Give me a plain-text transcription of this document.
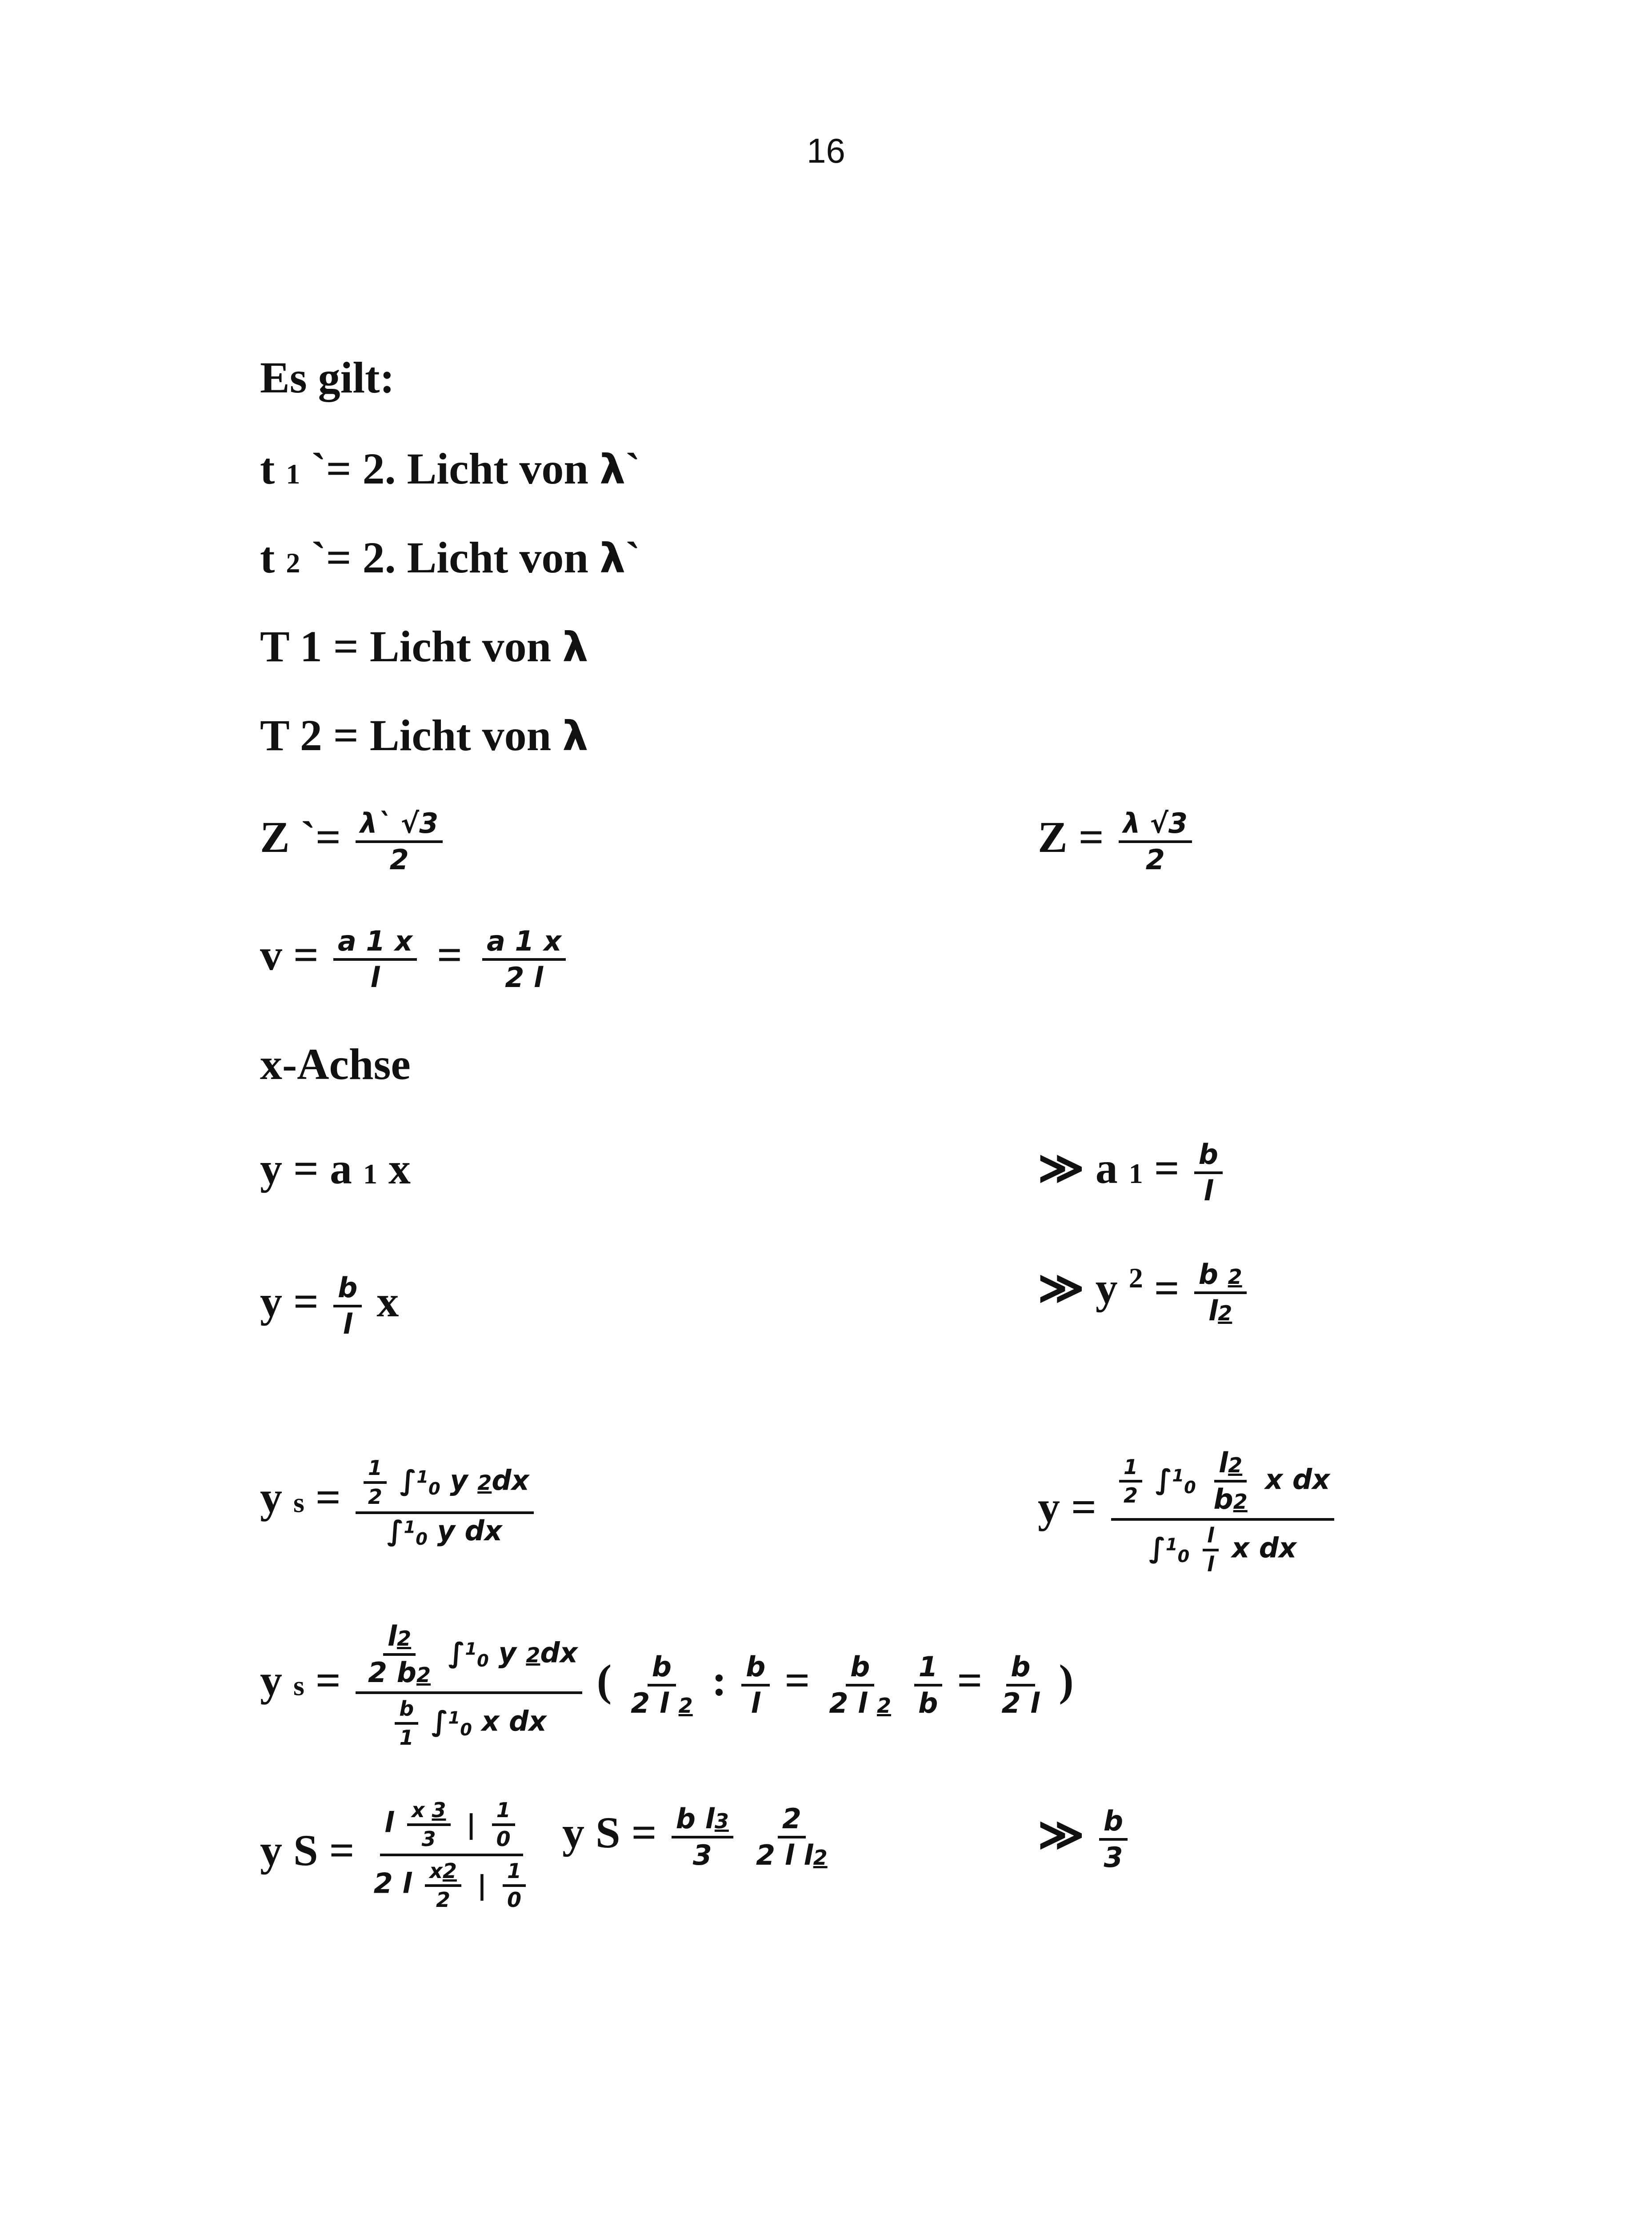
16
Es gilt:
t 1 `= 2. Licht von λ`
t 2 `= 2. Licht von λ`
T 1 = Licht von λ
T 2 = Licht von λ
Z `= $\frac{\lambda` √3}{2}$	$Z = \frac{\lambda √3}{2}$
$v = \frac{a 1 x}{l} = \frac{a 1 x}{2 l}$
x-Achse
y = a 1 x	≫ a $1 = \frac{b}{l}$
$y = \frac{b}{l}$ x	≫ y $^2 = \frac{b 2}{l2}$
y $s = \frac{\frac{1}{2} \int^1_0 y 2dx}{\int^1_0 y dx}$	$y = \frac{\frac{1}{2} \int^1_0 \frac{l2}{b2} x dx}{\int^1_0 \frac{l}{l} x dx}$
y $s = \frac{\frac{l2}{2 b2} \int^1_0 y 2dx}{\frac{b}{1} \int^1_0 x dx}$ ( $\frac{b}{2 l 2}$ : $\frac{b}{l} = \frac{b}{2 l 2}$
$\frac{1}{b} = \frac{b}{2 l}$ )
y $S = \frac{l \frac{x 3}{3} | \frac{1}{0}}{2 l \frac{x2}{2} | \frac{1}{0}}$ y $S = \frac{\text{b l3}}{3}$
$\frac{2}{\text{2 l l2}}$	≫ $\frac{b}{3}$
